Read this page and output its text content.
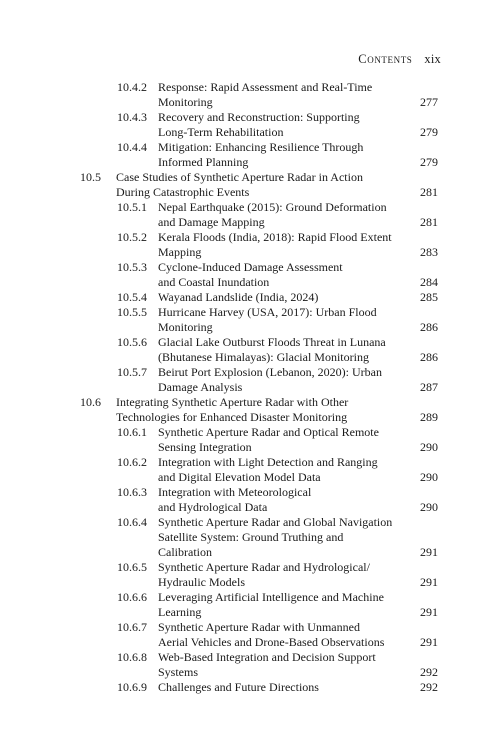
Contents xix
10.4.2 Response: Rapid Assessment and Real-Time
Monitoring	277
10.4.3 Recovery and Reconstruction: Supporting
Long-Term Rehabilitation	279
10.4.4 Mitigation: Enhancing Resilience Through
Informed Planning	279
10.5 Case Studies of Synthetic Aperture Radar in Action
During Catastrophic Events	281
10.5.1 Nepal Earthquake (2015): Ground Deformation
and Damage Mapping	281
10.5.2 Kerala Floods (India, 2018): Rapid Flood Extent
Mapping	283
10.5.3 Cyclone-Induced Damage Assessment
and Coastal Inundation	284
10.5.4 Wayanad Landslide (India, 2024)	285
10.5.5 Hurricane Harvey (USA, 2017): Urban Flood
Monitoring	286
10.5.6 Glacial Lake Outburst Floods Threat in Lunana
(Bhutanese Himalayas): Glacial Monitoring	286
10.5.7 Beirut Port Explosion (Lebanon, 2020): Urban
Damage Analysis	287
10.6 Integrating Synthetic Aperture Radar with Other
Technologies for Enhanced Disaster Monitoring	289
10.6.1 Synthetic Aperture Radar and Optical Remote
Sensing Integration	290
10.6.2 Integration with Light Detection and Ranging
and Digital Elevation Model Data	290
10.6.3 Integration with Meteorological
and Hydrological Data	290
10.6.4 Synthetic Aperture Radar and Global Navigation
Satellite System: Ground Truthing and Calibration	291
10.6.5 Synthetic Aperture Radar and Hydrological/
Hydraulic Models	291
10.6.6 Leveraging Artificial Intelligence and Machine
Learning	291
10.6.7 Synthetic Aperture Radar with Unmanned
Aerial Vehicles and Drone-Based Observations	291
10.6.8 Web-Based Integration and Decision Support
Systems	292
10.6.9 Challenges and Future Directions	292
